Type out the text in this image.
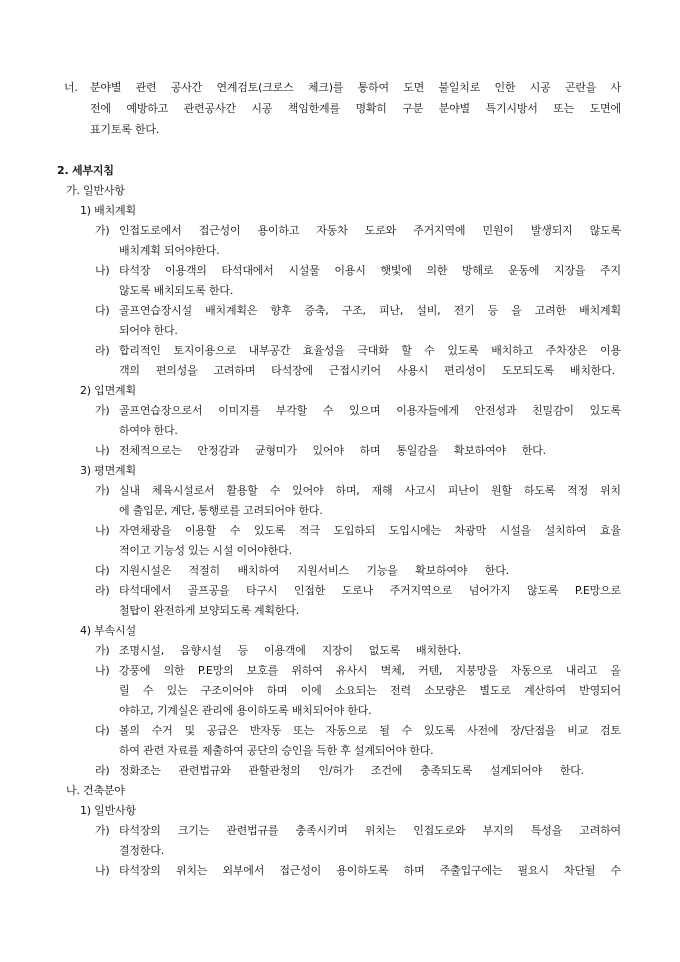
너. 분야별 관련 공사간 연계검토(크로스 체크)를 통하여 도면 불일치로 인한 시공 곤란을 사
전에 예방하고 관련공사간 시공 책임한계를 명확히 구분 분야별 특기시방서 또는 도면에
표기토록 한다.
2. 세부지침
가. 일반사항
1) 배치계획
가) 인접도로에서 접근성이 용이하고 자동차 도로와 주거지역에 민원이 발생되지 않도록
배치계획 되어야한다.
나) 타석장 이용객의 타석대에서 시설물 이용시 햇빛에 의한 방해로 운동에 지장을 주지
않도록 배치되도록 한다.
다) 골프연습장시설 배치계획은 향후 증축, 구조, 피난, 설비, 전기 등 을 고려한 배치계획
되어야 한다.
라) 합리적인 토지이용으로 내부공간 효율성을 극대화 할 수 있도록 배치하고 주차장은 이용
객의 편의성을 고려하며 타석장에 근접시키어 사용시 편리성이 도모되도록 배치한다.
2) 입면계획
가) 골프연습장으로서 이미지를 부각할 수 있으며 이용자들에게 안전성과 친밀감이 있도록
하여야 한다.
나) 전체적으로는 안정감과 균형미가 있어야 하며 통일감을 확보하여야 한다.
3) 평면계획
가) 실내 체육시설로서 활용할 수 있어야 하며, 재해 사고시 피난이 원할 하도록 적정 위치
에 출입문, 계단, 통행로를 고려되어야 한다.
나) 자연채광을 이용할 수 있도록 적극 도입하되 도입시에는 차광막 시설을 설치하여 효율
적이고 기능성 있는 시설 이어야한다.
다) 지원시설은 적절히 배치하여 지원서비스 기능을 확보하여야 한다.
라) 타석대에서 골프공을 타구시 인접한 도로나 주거지역으로 넘어가지 않도록 P.E망으로
철탑이 완전하게 보양되도록 계획한다.
4) 부속시설
가) 조명시설, 음향시설 등 이용객에 지장이 없도록 배치한다.
나) 강풍에 의한 P.E망의 보호를 위하여 유사시 벽체, 커텐, 지붕망을 자동으로 내리고 올
릴 수 있는 구조이어야 하며 이에 소요되는 전력 소모량은 별도로 계산하여 반영되어
야하고, 기계실은 관리에 용이하도록 배치되어야 한다.
다) 볼의 수거 및 공급은 반자동 또는 자동으로 될 수 있도록 사전에 장/단점을 비교 검토
하여 관련 자료를 제출하여 공단의 승인을 득한 후 설계되어야 한다.
라) 정화조는 관련법규와 관할관청의 인/허가 조건에 충족되도록 설계되어야 한다.
나. 건축분야
1) 일반사항
가) 타석장의 크기는 관련법규를 충족시키며 위치는 인접도로와 부지의 특성을 고려하여
결정한다.
나) 타석장의 위치는 외부에서 접근성이 용이하도록 하며 주출입구에는 필요시 차단될 수
